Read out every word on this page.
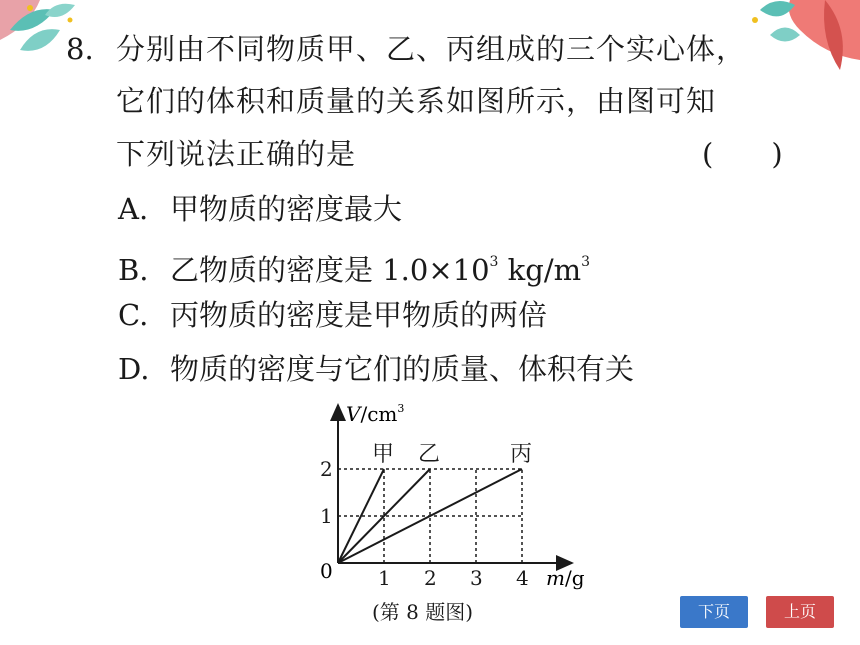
8. 分别由不同物质甲、乙、丙组成的三个实心体，
它们的体积和质量的关系如图所示，由图可知
下列说法正确的是	(　　)
A. 甲物质的密度最大
B. 乙物质的密度是 $1.0\times 10^3$ $kg/m^3$
C. 丙物质的密度是甲物质的两倍
D. 物质的密度与它们的质量、体积有关
甲 乙	丙
1 2 3 4
1
2
0
$V/cm^3$
m/g
(第 8 题图)	下页	上页
